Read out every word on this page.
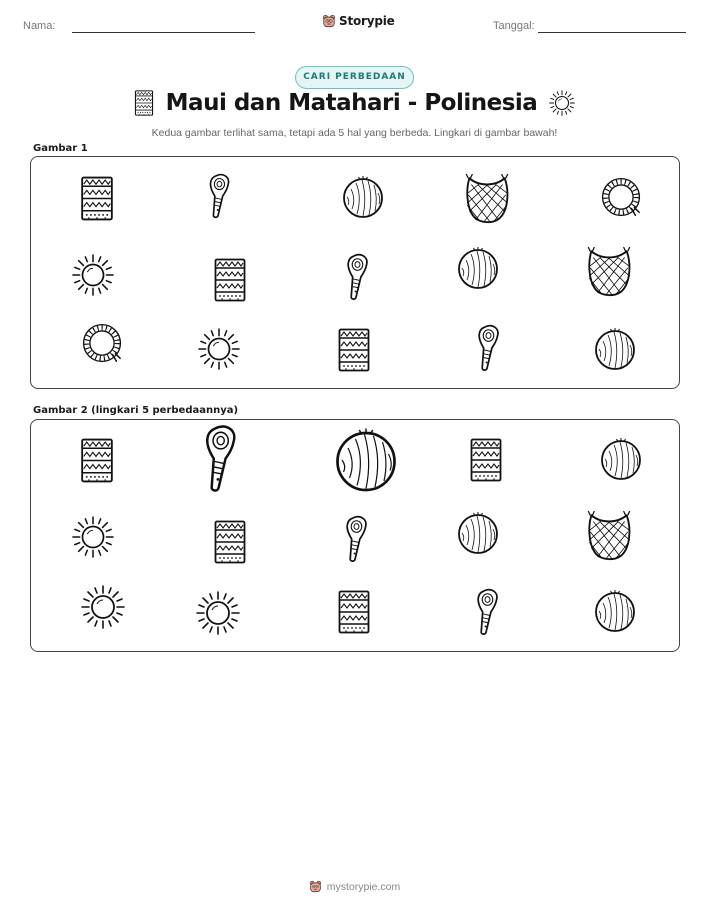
Nama:	Storypie	Tanggal:
CARI PERBEDAAN
Maui dan Matahari - Polinesia
Kedua gambar terlihat sama, tetapi ada 5 hal yang berbeda. Lingkari di gambar bawah!
Gambar 1
Gambar 2 (lingkari 5 perbedaannya)
mystorypie.com
